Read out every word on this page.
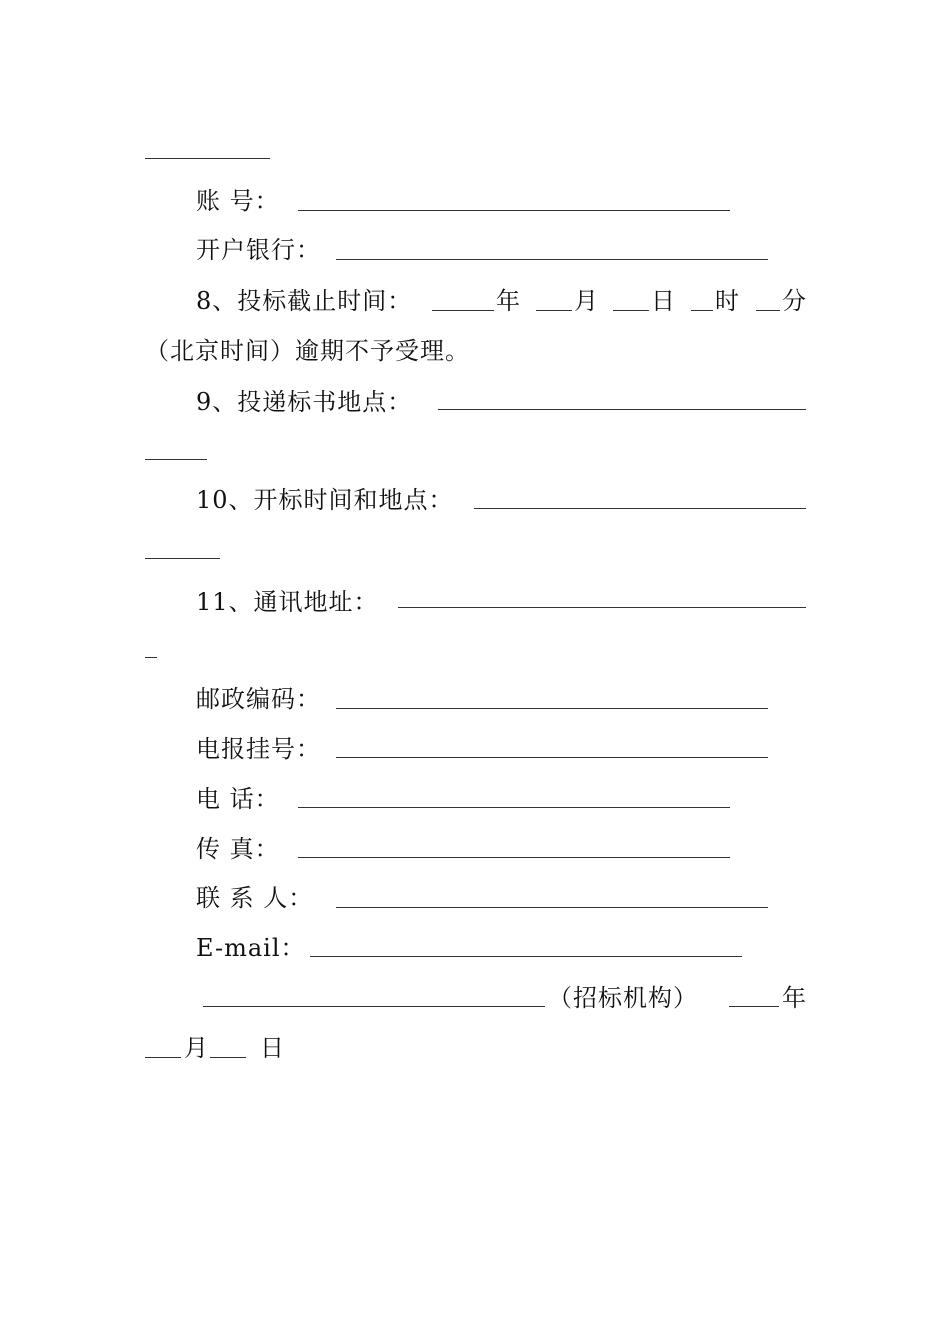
账 号：
开户银行：
8、投标截止时间：	年 月 日 时 分
（北京时间）逾期不予受理。
9、投递标书地点：
10、开标时间和地点：
11、通讯地址：
邮政编码：
电报挂号：
电 话：
传 真：
联 系 人：
E-mail：
（招标机构）	年
月 日
